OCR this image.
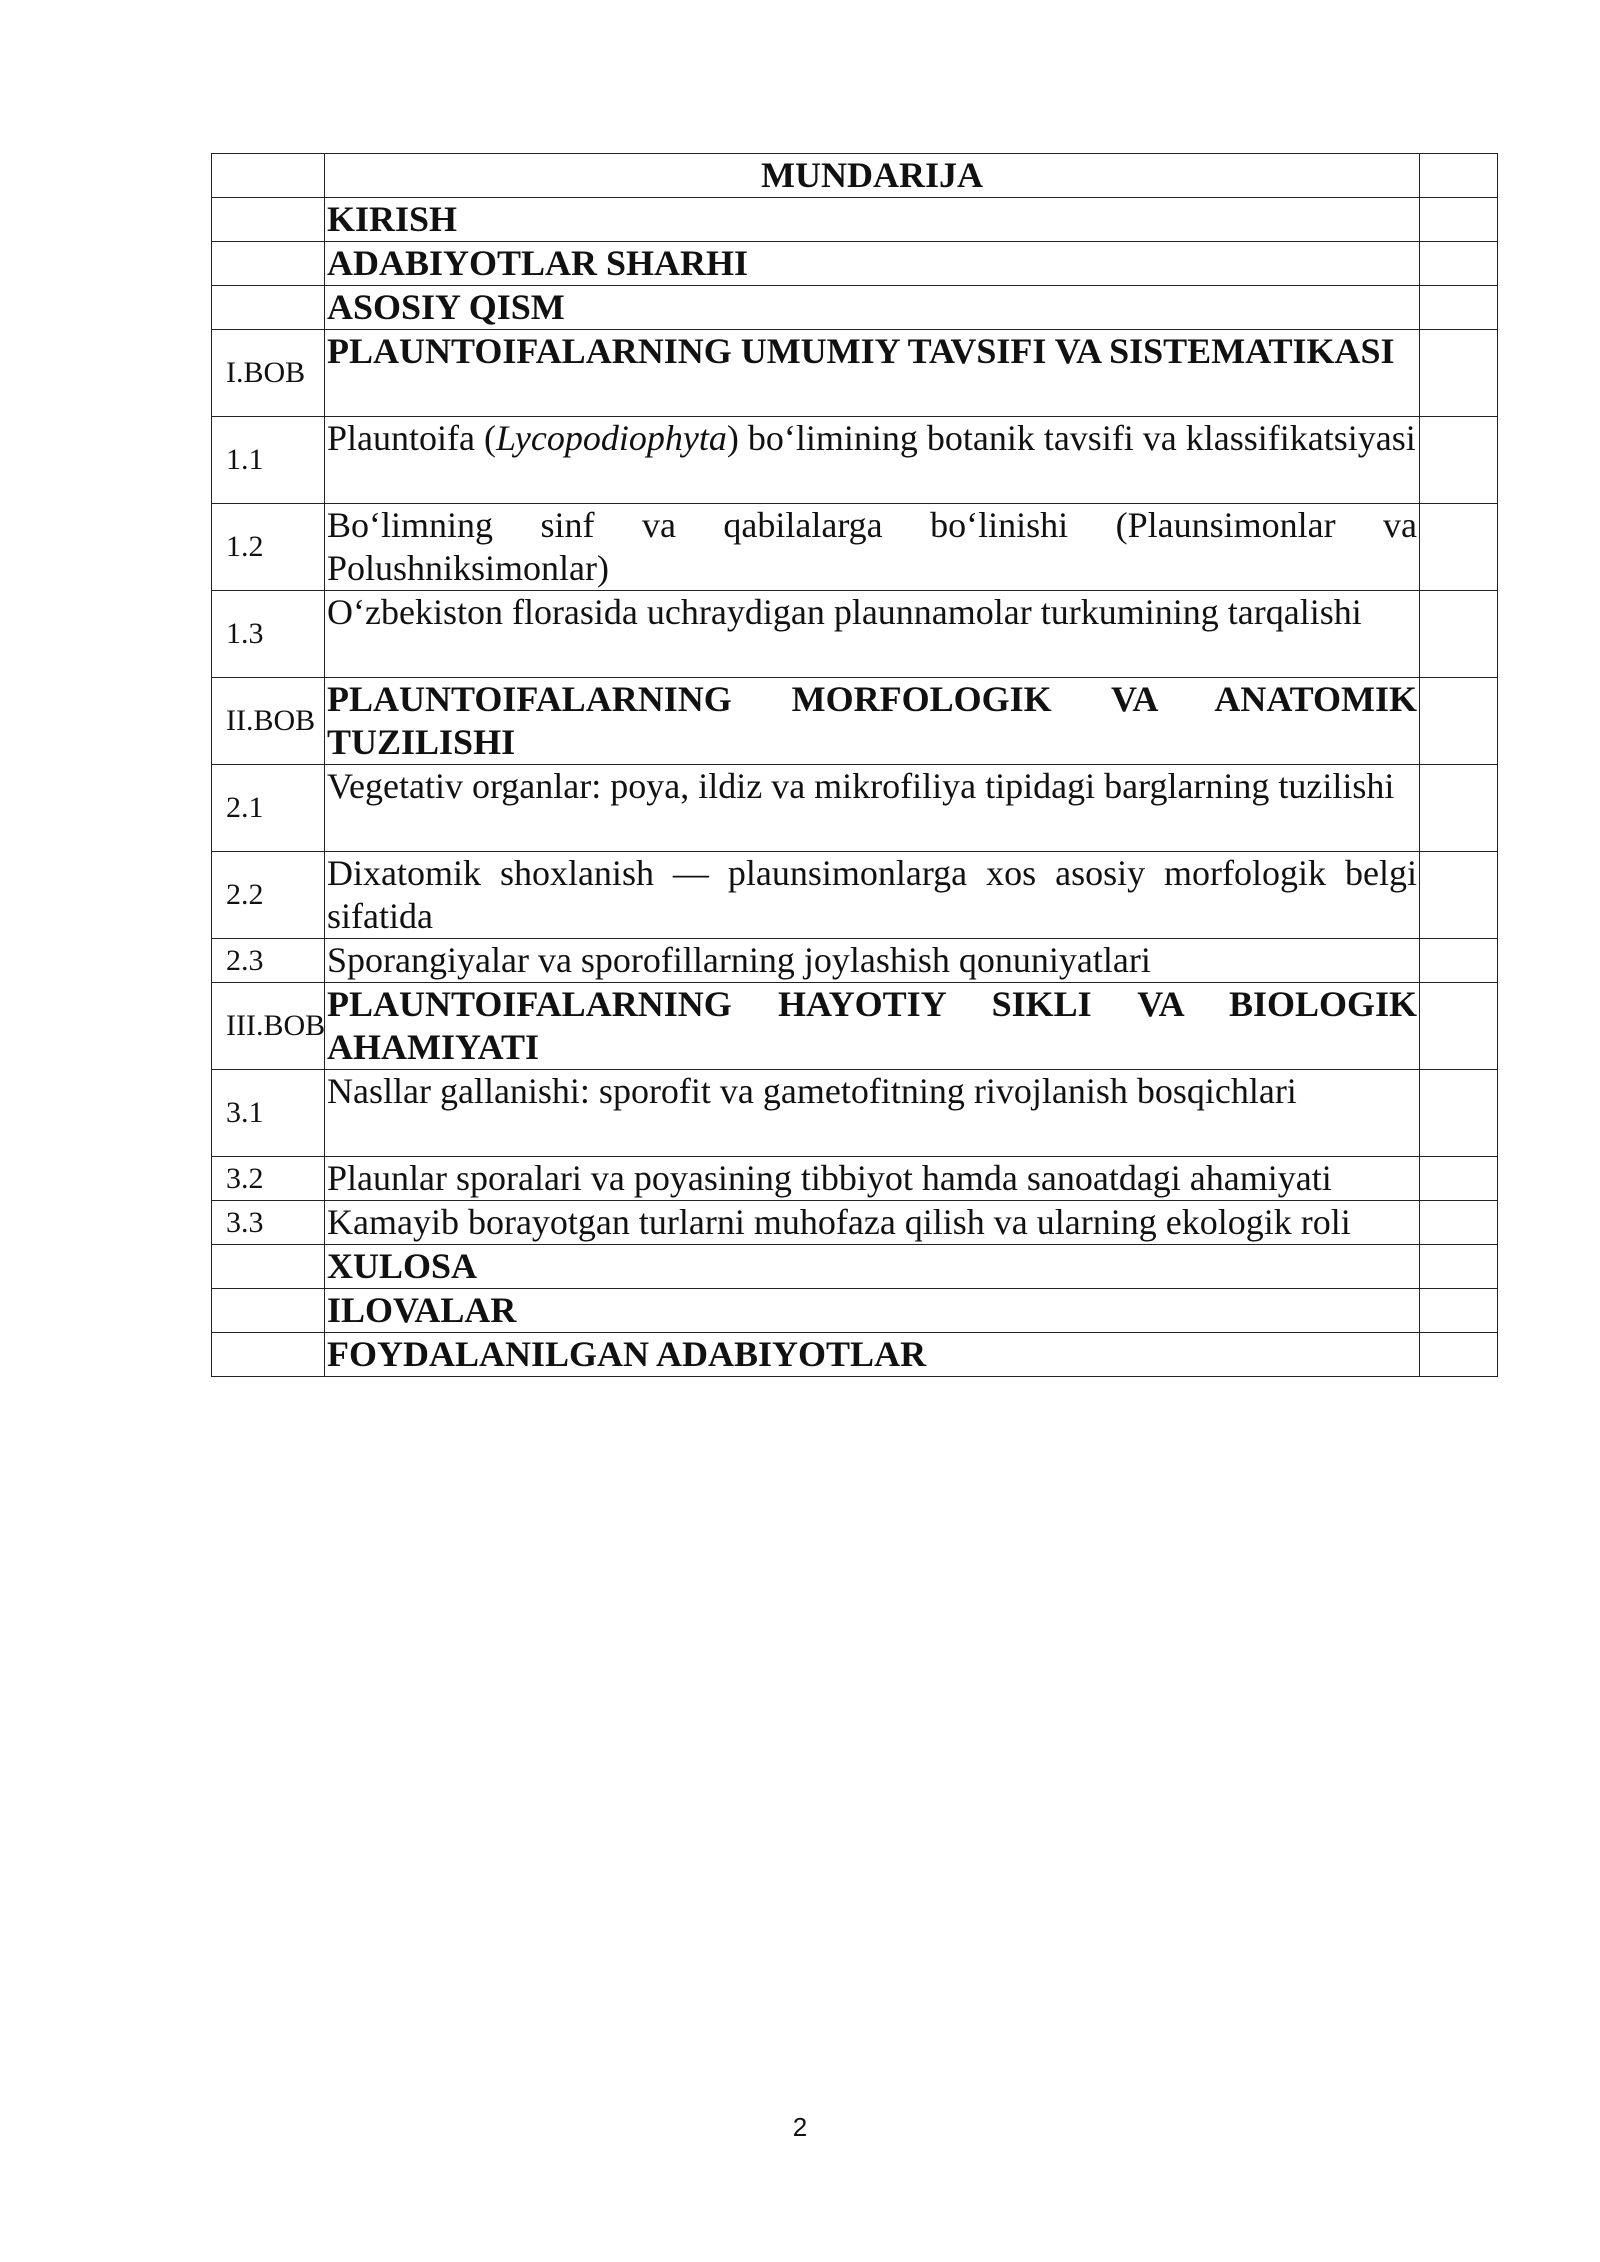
	MUNDARIJA	
	KIRISH	
	ADABIYOTLAR SHARHI	
	ASOSIY QISM	
I.BOB	PLAUNTOIFALARNING UMUMIY TAVSIFI VA SISTEMATIKASI	
1.1	Plauntoifa (Lycopodiophyta) bo‘limining botanik tavsifi va klassifikatsiyasi	
1.2	Bo‘limning sinf va qabilalarga bo‘linishi (Plaunsimonlar va Polushniksimonlar)	
1.3	O‘zbekiston florasida uchraydigan plaunnamolar turkumining tarqalishi	
II.BOB	PLAUNTOIFALARNING MORFOLOGIK VA ANATOMIK TUZILISHI	
2.1	Vegetativ organlar: poya, ildiz va mikrofiliya tipidagi barglarning tuzilishi	
2.2	Dixatomik shoxlanish — plaunsimonlarga xos asosiy morfologik belgi sifatida	
2.3	Sporangiyalar va sporofillarning joylashish qonuniyatlari	
III.BOB	PLAUNTOIFALARNING HAYOTIY SIKLI VA BIOLOGIK AHAMIYATI	
3.1	Nasllar gallanishi: sporofit va gametofitning rivojlanish bosqichlari	
3.2	Plaunlar sporalari va poyasining tibbiyot hamda sanoatdagi ahamiyati	
3.3	Kamayib borayotgan turlarni muhofaza qilish va ularning ekologik roli	
	XULOSA	
	ILOVALAR	
	FOYDALANILGAN ADABIYOTLAR	
2
